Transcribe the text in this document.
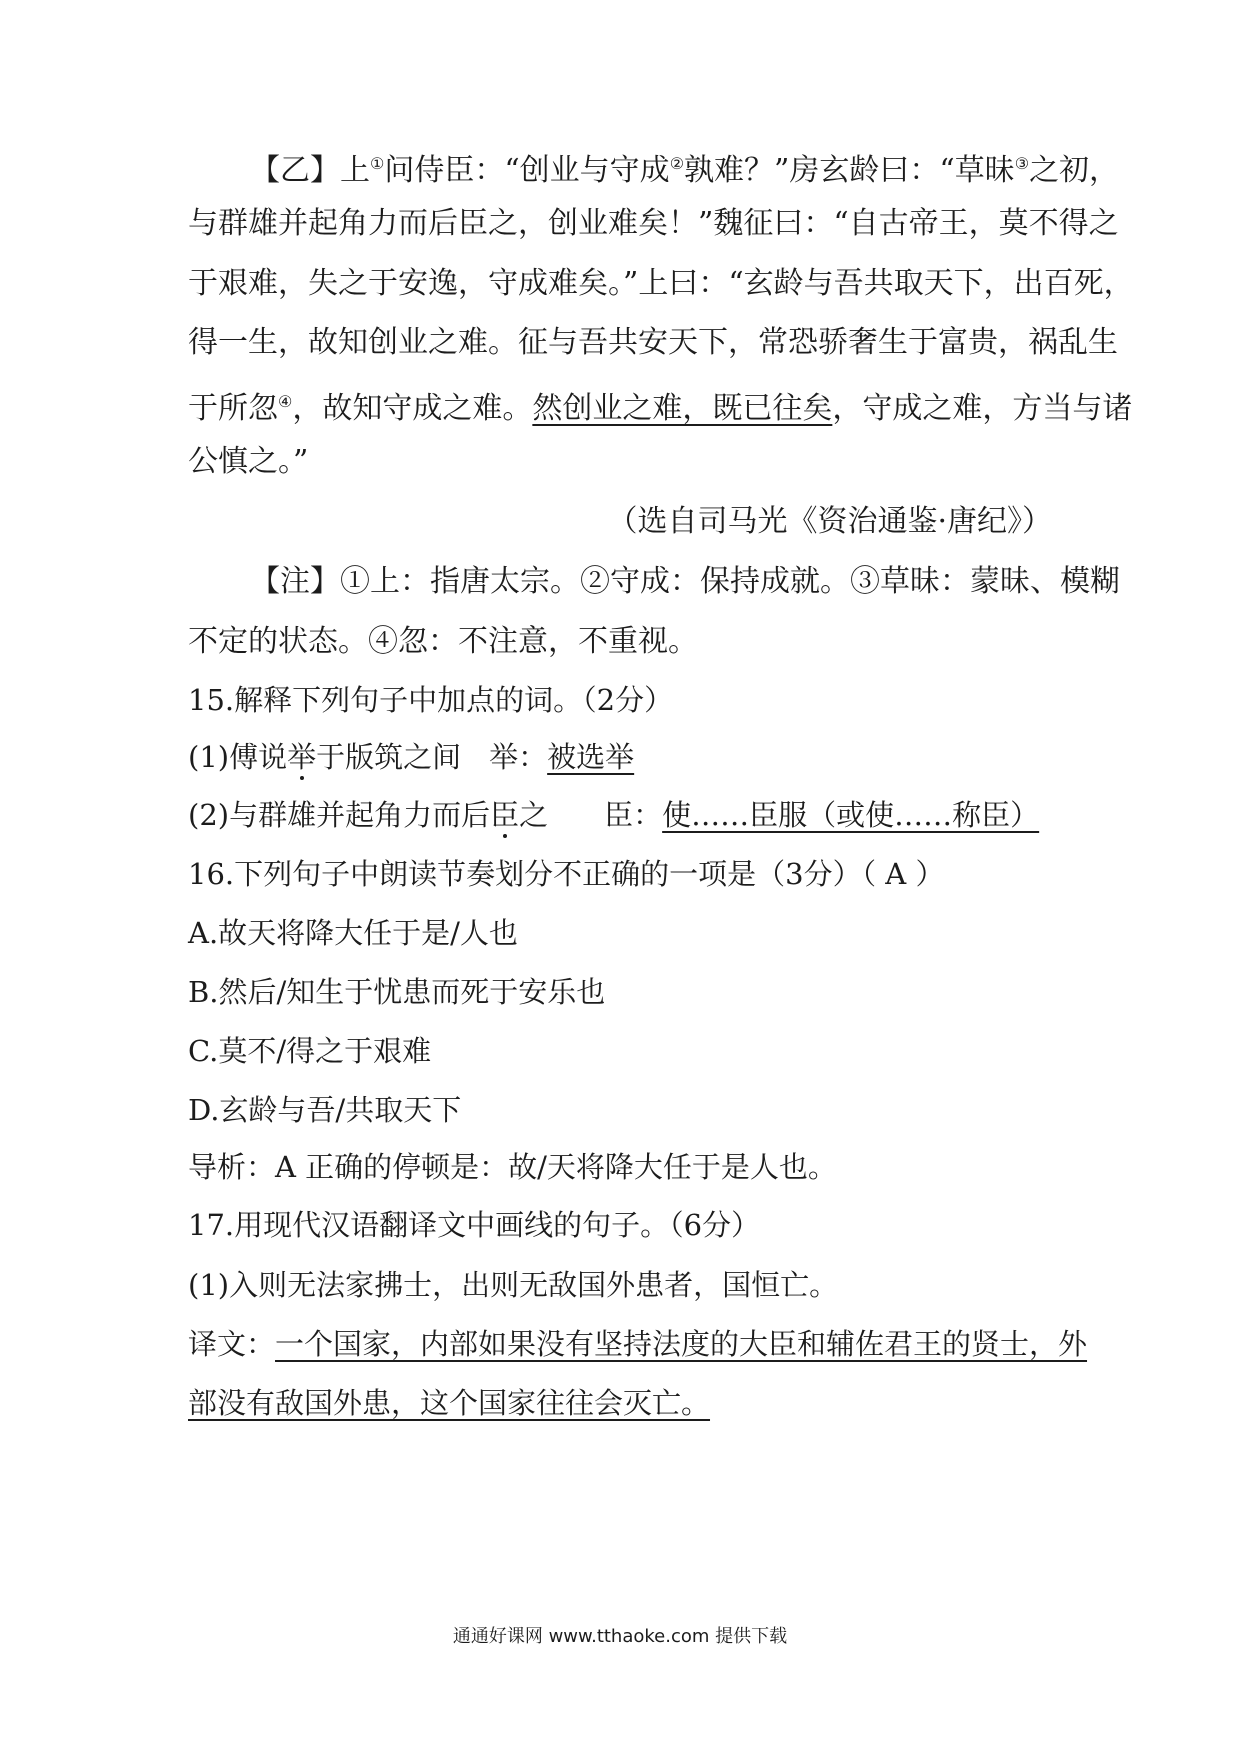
【乙】上①问侍臣：“创业与守成②孰难？”房玄龄曰：“草昧③之初，
与群雄并起角力而后臣之，创业难矣！”魏征曰：“自古帝王，莫不得之
于艰难，失之于安逸，守成难矣。”上曰：“玄龄与吾共取天下，出百死，
得一生，故知创业之难。征与吾共安天下，常恐骄奢生于富贵，祸乱生
于所忽④，故知守成之难。然创业之难，既已往矣，守成之难，方当与诸
公慎之。”
（选自司马光《资治通鉴·唐纪》）
【注】①上：指唐太宗。②守成：保持成就。③草昧：蒙昧、模糊
不定的状态。④忽：不注意，不重视。
15.解释下列句子中加点的词。（2分）
(1)傅说举于版筑之间 举：被选举
(2)与群雄并起角力而后臣之 臣：使……臣服（或使……称臣）
16.下列句子中朗读节奏划分不正确的一项是（3分）（ A ）
A.故天将降大任于是/人也
B.然后/知生于忧患而死于安乐也
C.莫不/得之于艰难
D.玄龄与吾/共取天下
导析：A 正确的停顿是：故/天将降大任于是人也。
17.用现代汉语翻译文中画线的句子。（6分）
(1)入则无法家拂士，出则无敌国外患者，国恒亡。
译文：一个国家，内部如果没有坚持法度的大臣和辅佐君王的贤士，外
部没有敌国外患，这个国家往往会灭亡。
通通好课网 www.tthaoke.com 提供下载
